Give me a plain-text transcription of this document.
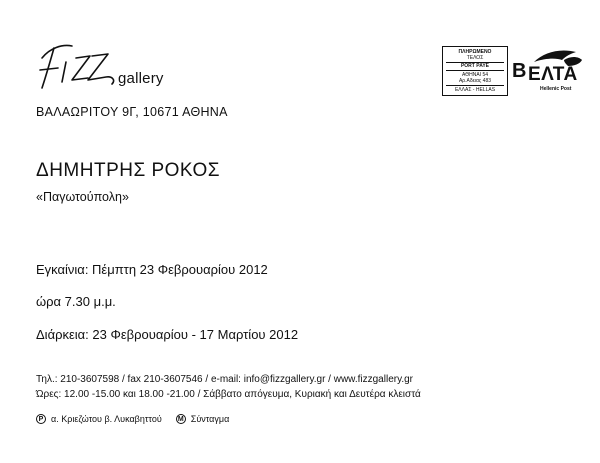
gallery
ΒΑΛΑΩΡΙΤΟΥ 9Γ, 10671 ΑΘΗΝΑ
ΠΛΗΡΩΜΕΝΟ
ΤΕΛΟΣ
PORT PAYE
ΑΘΗΝΑΙ 54
Αρ.Αδειας 483
ΕΛΛΑΣ - HELLAS
B ΕΛΤΑ
Hellenic Post
ΔΗΜΗΤΡΗΣ ΡΟΚΟΣ
«Παγωτούπολη»
Εγκαίνια: Πέμπτη 23 Φεβρουαρίου 2012
ώρα 7.30 μ.μ.
Διάρκεια: 23 Φεβρουαρίου - 17 Μαρτίου 2012
Τηλ.: 210-3607598 / fax 210-3607546 / e-mail: info@fizzgallery.gr / www.fizzgallery.gr
Ώρες: 12.00 -15.00 και 18.00 -21.00 / Σάββατο απόγευμα, Κυριακή και Δευτέρα κλειστά
P α. Κριεζώτου β. Λυκαβηττού M Σύνταγμα
